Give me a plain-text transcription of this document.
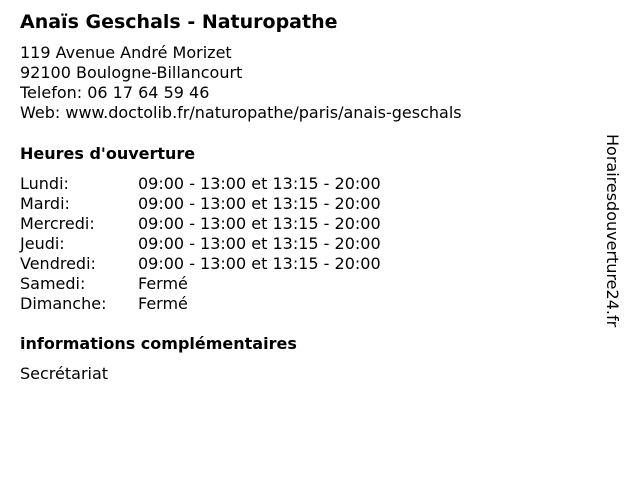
Anaïs Geschals - Naturopathe
119 Avenue André Morizet
92100 Boulogne-Billancourt
Telefon: 06 17 64 59 46
Web: www.doctolib.fr/naturopathe/paris/anais-geschals
Heures d'ouverture
Lundi:	09:00 - 13:00 et 13:15 - 20:00
Mardi:	09:00 - 13:00 et 13:15 - 20:00
Mercredi:	09:00 - 13:00 et 13:15 - 20:00
Jeudi:	09:00 - 13:00 et 13:15 - 20:00
Vendredi:	09:00 - 13:00 et 13:15 - 20:00
Samedi:	Fermé
Dimanche: Fermé
informations complémentaires
Secrétariat
Horairesdouverture24.fr
